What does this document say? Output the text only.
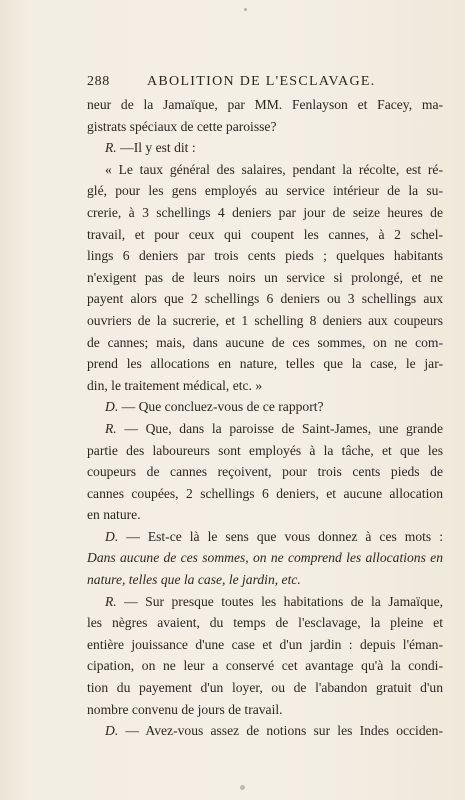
288	ABOLITION DE L'ESCLAVAGE.
neur de la Jamaïque, par MM. Fenlayson et Facey, ma-
gistrats spéciaux de cette paroisse?
R. —Il y est dit :
« Le taux général des salaires, pendant la récolte, est ré-
glé, pour les gens employés au service intérieur de la su-
crerie, à 3 schellings 4 deniers par jour de seize heures de
travail, et pour ceux qui coupent les cannes, à 2 schel-
lings 6 deniers par trois cents pieds ; quelques habitants
n'exigent pas de leurs noirs un service si prolongé, et ne
payent alors que 2 schellings 6 deniers ou 3 schellings aux
ouvriers de la sucrerie, et 1 schelling 8 deniers aux coupeurs
de cannes; mais, dans aucune de ces sommes, on ne com-
prend les allocations en nature, telles que la case, le jar-
din, le traitement médical, etc. »
D. — Que concluez-vous de ce rapport?
R. — Que, dans la paroisse de Saint-James, une grande
partie des laboureurs sont employés à la tâche, et que les
coupeurs de cannes reçoivent, pour trois cents pieds de
cannes coupées, 2 schellings 6 deniers, et aucune allocation
en nature.
D. — Est-ce là le sens que vous donnez à ces mots :
Dans aucune de ces sommes, on ne comprend les allocations en
nature, telles que la case, le jardin, etc.
R. — Sur presque toutes les habitations de la Jamaïque,
les nègres avaient, du temps de l'esclavage, la pleine et
entière jouissance d'une case et d'un jardin : depuis l'éman-
cipation, on ne leur a conservé cet avantage qu'à la condi-
tion du payement d'un loyer, ou de l'abandon gratuit d'un
nombre convenu de jours de travail.
D. — Avez-vous assez de notions sur les Indes occiden-
